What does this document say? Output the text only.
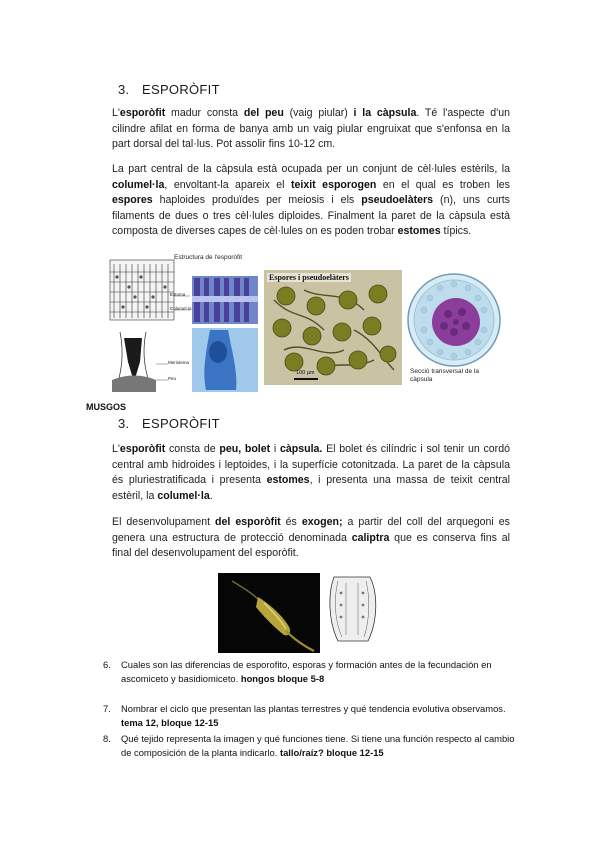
3. ESPORÒFIT
L'esporòfit madur consta del peu (vaig piular) i la càpsula. Té l'aspecte d'un cilindre afilat en forma de banya amb un vaig piular engruixat que s'enfonsa en la part dorsal del tal·lus. Pot assolir fins 10-12 cm.
La part central de la càpsula està ocupada per un conjunt de cèl·lules estèrils, la columel·la, envoltant-la apareix el teixit esporogen en el qual es troben les espores haploides produïdes per meiosis i els pseudoelàters (n), uns curts filaments de dues o tres cèl·lules diploides. Finalment la paret de la càpsula està composta de diverses capes de cèl·lules on es poden trobar estomes típics.
Estructura de l'esporòfit
Estoma
Columel·la
Meristema
Peu
Espores i pseudoelàters
100 µm	Secció transversal de la càpsula
MUSGOS
3. ESPORÒFIT
L'esporòfit consta de peu, bolet i càpsula. El bolet és cilíndric i sol tenir un cordó central amb hidroides i leptoides, i la superfície cotonitzada. La paret de la càpsula és pluriestratificada i presenta estomes, i presenta una massa de teixit central estèril, la columel·la.
El desenvolupament del esporòfit és exogen; a partir del coll del arquegoni es genera una estructura de protecció denominada caliptra que es conserva fins al final del desenvolupament del esporòfit.
6. Cuales son las diferencias de esporofito, esporas y formación antes de la fecundación en ascomiceto y basidiomiceto. hongos bloque 5-8
7. Nombrar el ciclo que presentan las plantas terrestres y qué tendencia evolutiva observamos. tema 12, bloque 12-15
8. Qué tejido representa la imagen y qué funciones tiene. Si tiene una función respecto al cambio de composición de la planta indicarlo. tallo/raíz? bloque 12-15
